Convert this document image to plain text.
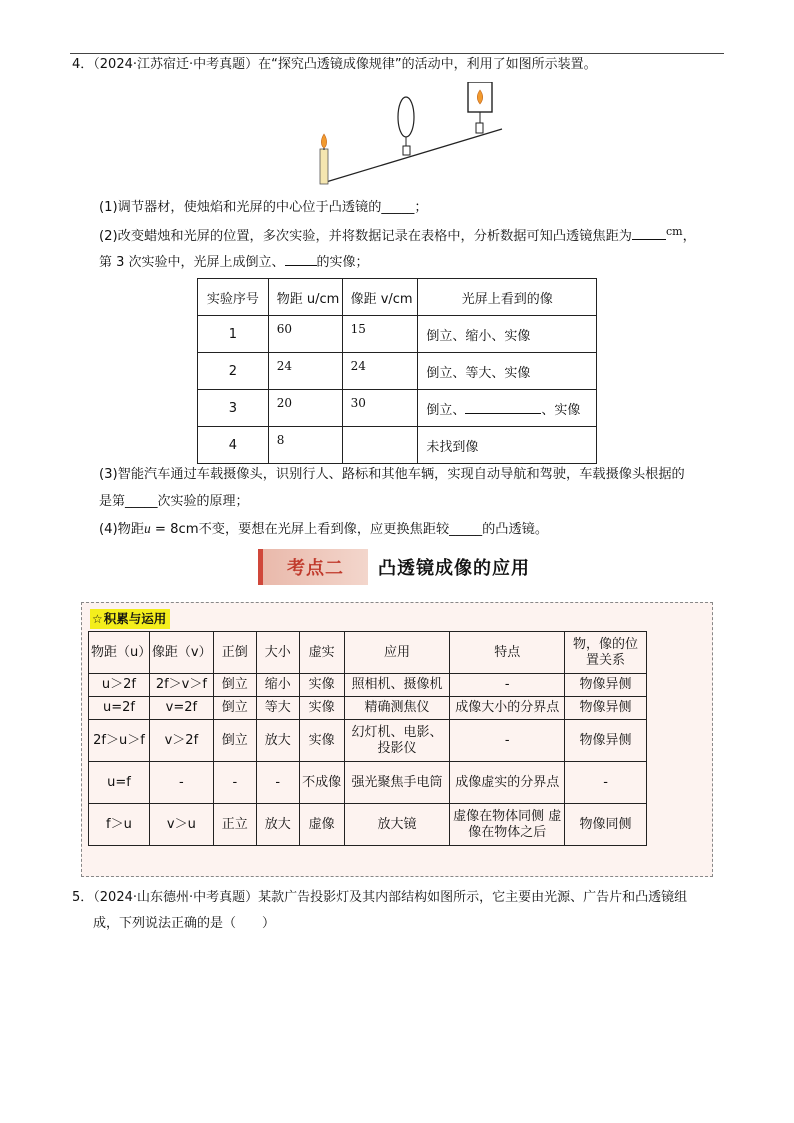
4．（2024·江苏宿迁·中考真题）在“探究凸透镜成像规律”的活动中，利用了如图所示装置。
(1)调节器材，使烛焰和光屏的中心位于凸透镜的_____；
(2)改变蜡烛和光屏的位置，多次实验，并将数据记录在表格中，分析数据可知凸透镜焦距为	$^{cm}$，
第 3 次实验中，光屏上成倒立、 的实像；
实验序号	物距 u/cm	像距 v/cm	光屏上看到的像
1	60	15	倒立、缩小、实像
2	24	24	倒立、等大、实像
3	20	30	倒立、 、实像
4	8		未找到像
(3)智能汽车通过车载摄像头，识别行人、路标和其他车辆，实现自动导航和驾驶，车载摄像头根据的
是第_____次实验的原理；
(4)物距u = 8cm不变，要想在光屏上看到像，应更换焦距较_____的凸透镜。
考点二	凸透镜成像的应用
☆积累与运用
物距（u）	像距（v）	正倒	大小	虚实	应用	特点	物，像的位置关系
u＞2f	2f＞v＞f	倒立	缩小	实像	照相机、摄像机	-	物像异侧
u=2f	v=2f	倒立	等大	实像	精确测焦仪	成像大小的分界点	物像异侧
2f＞u＞f	v＞2f	倒立	放大	实像	幻灯机、电影、投影仪	-	物像异侧
u=f	-	-	-	不成像	强光聚焦手电筒	成像虚实的分界点	-
f＞u	v＞u	正立	放大	虚像	放大镜	虚像在物体同侧 虚像在物体之后	物像同侧
5．（2024·山东德州·中考真题）某款广告投影灯及其内部结构如图所示，它主要由光源、广告片和凸透镜组
成，下列说法正确的是（　　）
